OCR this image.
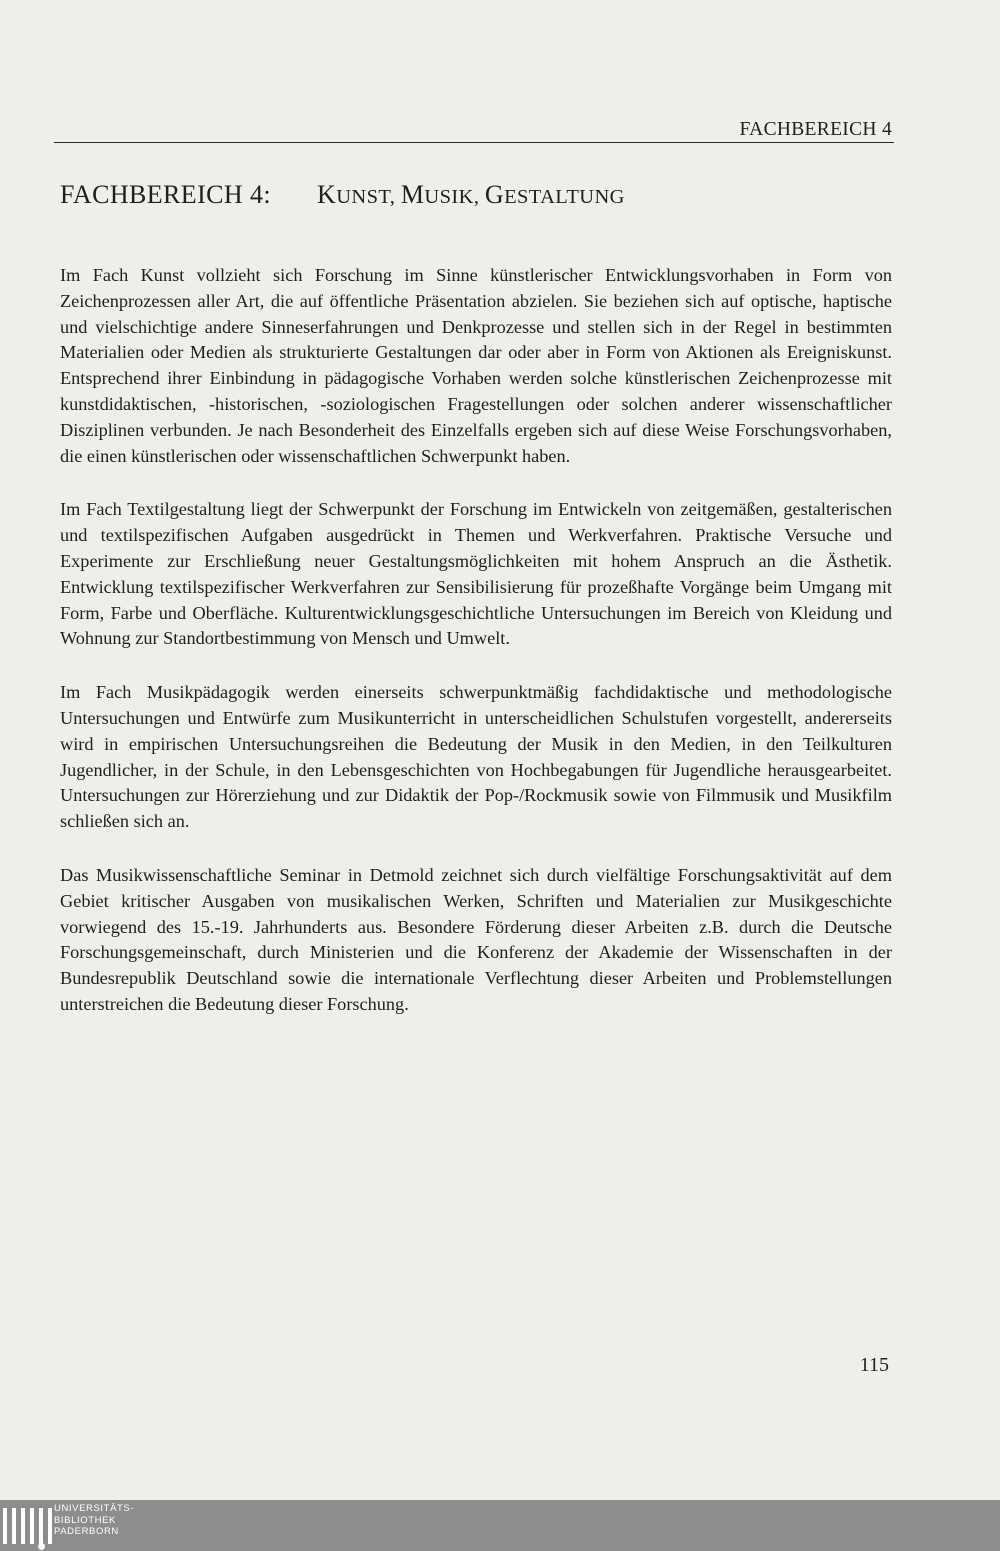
FACHBEREICH 4
FACHBEREICH 4: KUNST, MUSIK, GESTALTUNG

Im Fach Kunst vollzieht sich Forschung im Sinne künstlerischer Entwicklungsvorhaben in Form von Zeichenprozessen aller Art, die auf öffentliche Präsentation abzielen. Sie beziehen sich auf optische, haptische und vielschichtige andere Sinneserfahrungen und Denkprozesse und stellen sich in der Regel in bestimmten Materialien oder Medien als strukturierte Gestaltungen dar oder aber in Form von Aktionen als Ereigniskunst. Entsprechend ihrer Einbindung in pädagogische Vorhaben werden solche künstlerischen Zeichenprozesse mit kunstdidaktischen, -historischen, -soziologischen Fragestellungen oder solchen anderer wissenschaftlicher Disziplinen verbunden. Je nach Besonderheit des Einzelfalls ergeben sich auf diese Weise Forschungsvorhaben, die einen künstlerischen oder wissenschaftlichen Schwerpunkt haben.

Im Fach Textilgestaltung liegt der Schwerpunkt der Forschung im Entwickeln von zeitgemäßen, gestalterischen und textilspezifischen Aufgaben ausgedrückt in Themen und Werkverfahren. Praktische Versuche und Experimente zur Erschließung neuer Gestaltungsmöglichkeiten mit hohem Anspruch an die Ästhetik. Entwicklung textilspezifischer Werkverfahren zur Sensibilisierung für prozeßhafte Vorgänge beim Umgang mit Form, Farbe und Oberfläche. Kulturentwicklungsgeschichtliche Untersuchungen im Bereich von Kleidung und Wohnung zur Standortbestimmung von Mensch und Umwelt.

Im Fach Musikpädagogik werden einerseits schwerpunktmäßig fachdidaktische und methodologische Untersuchungen und Entwürfe zum Musikunterricht in unterscheidlichen Schulstufen vorgestellt, andererseits wird in empirischen Untersuchungsreihen die Bedeutung der Musik in den Medien, in den Teilkulturen Jugendlicher, in der Schule, in den Lebensgeschichten von Hochbegabungen für Jugendliche herausgearbeitet. Untersuchungen zur Hörerziehung und zur Didaktik der Pop-/Rockmusik sowie von Filmmusik und Musikfilm schließen sich an.

Das Musikwissenschaftliche Seminar in Detmold zeichnet sich durch vielfältige Forschungsaktivität auf dem Gebiet kritischer Ausgaben von musikalischen Werken, Schriften und Materialien zur Musikgeschichte vorwiegend des 15.-19. Jahrhunderts aus. Besondere Förderung dieser Arbeiten z.B. durch die Deutsche Forschungsgemeinschaft, durch Ministerien und die Konferenz der Akademie der Wissenschaften in der Bundesrepublik Deutschland sowie die internationale Verflechtung dieser Arbeiten und Problemstellungen unterstreichen die Bedeutung dieser Forschung.

115
UNIVERSITÄTS-
BIBLIOTHEK
PADERBORN
